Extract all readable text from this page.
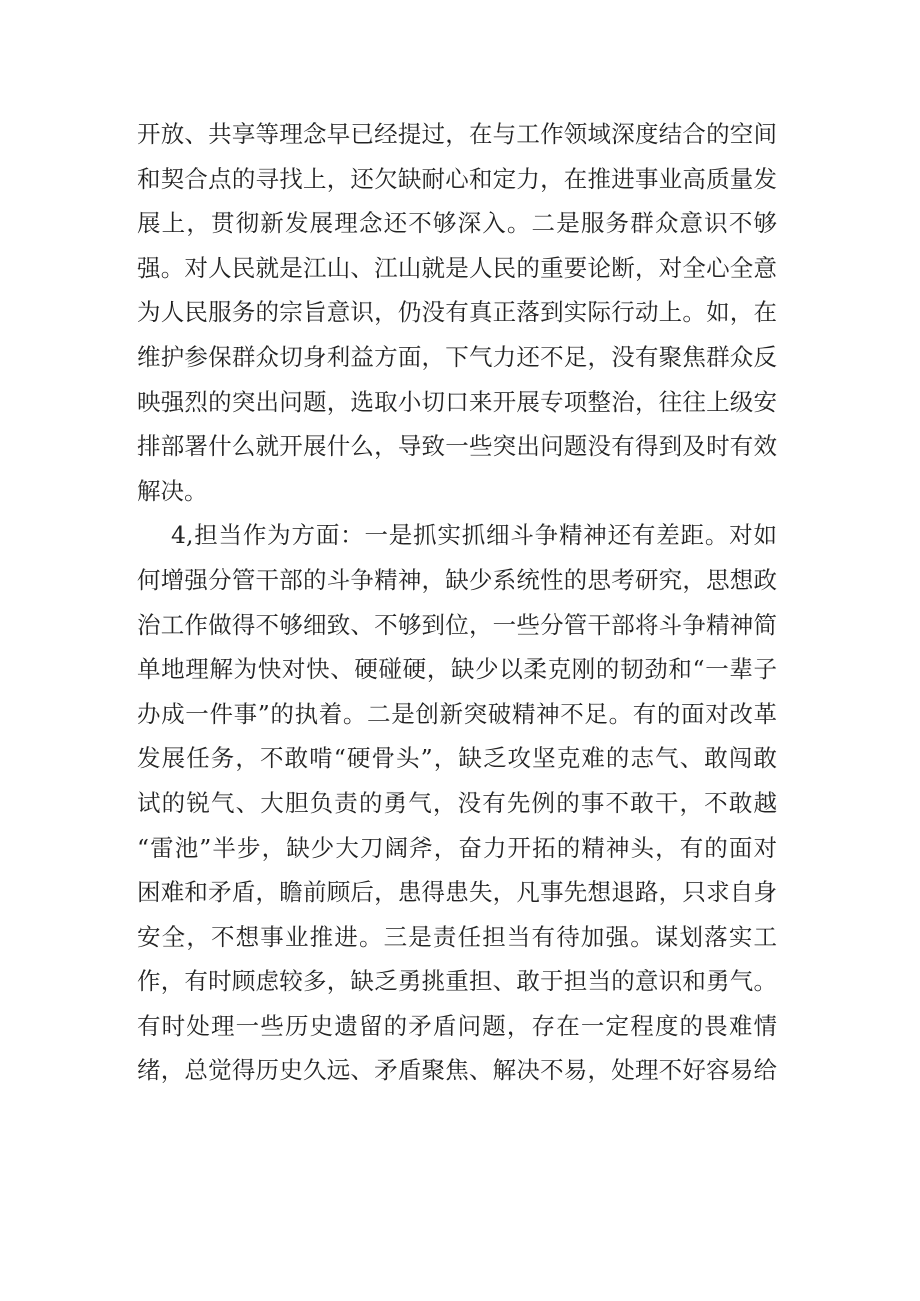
开放、共享等理念早已经提过，在与工作领域深度结合的空间
和契合点的寻找上，还欠缺耐心和定力，在推进事业高质量发
展上，贯彻新发展理念还不够深入。二是服务群众意识不够
强。对人民就是江山、江山就是人民的重要论断，对全心全意
为人民服务的宗旨意识，仍没有真正落到实际行动上。如，在
维护参保群众切身利益方面，下气力还不足，没有聚焦群众反
映强烈的突出问题，选取小切口来开展专项整治，往往上级安
排部署什么就开展什么，导致一些突出问题没有得到及时有效
解决。
4,担当作为方面：一是抓实抓细斗争精神还有差距。对如
何增强分管干部的斗争精神，缺少系统性的思考研究，思想政
治工作做得不够细致、不够到位，一些分管干部将斗争精神简
单地理解为快对快、硬碰硬，缺少以柔克刚的韧劲和“一辈子
办成一件事”的执着。二是创新突破精神不足。有的面对改革
发展任务，不敢啃“硬骨头”，缺乏攻坚克难的志气、敢闯敢
试的锐气、大胆负责的勇气，没有先例的事不敢干，不敢越
“雷池”半步，缺少大刀阔斧，奋力开拓的精神头，有的面对
困难和矛盾，瞻前顾后，患得患失，凡事先想退路，只求自身
安全，不想事业推进。三是责任担当有待加强。谋划落实工
作，有时顾虑较多，缺乏勇挑重担、敢于担当的意识和勇气。
有时处理一些历史遗留的矛盾问题，存在一定程度的畏难情
绪，总觉得历史久远、矛盾聚焦、解决不易，处理不好容易给
